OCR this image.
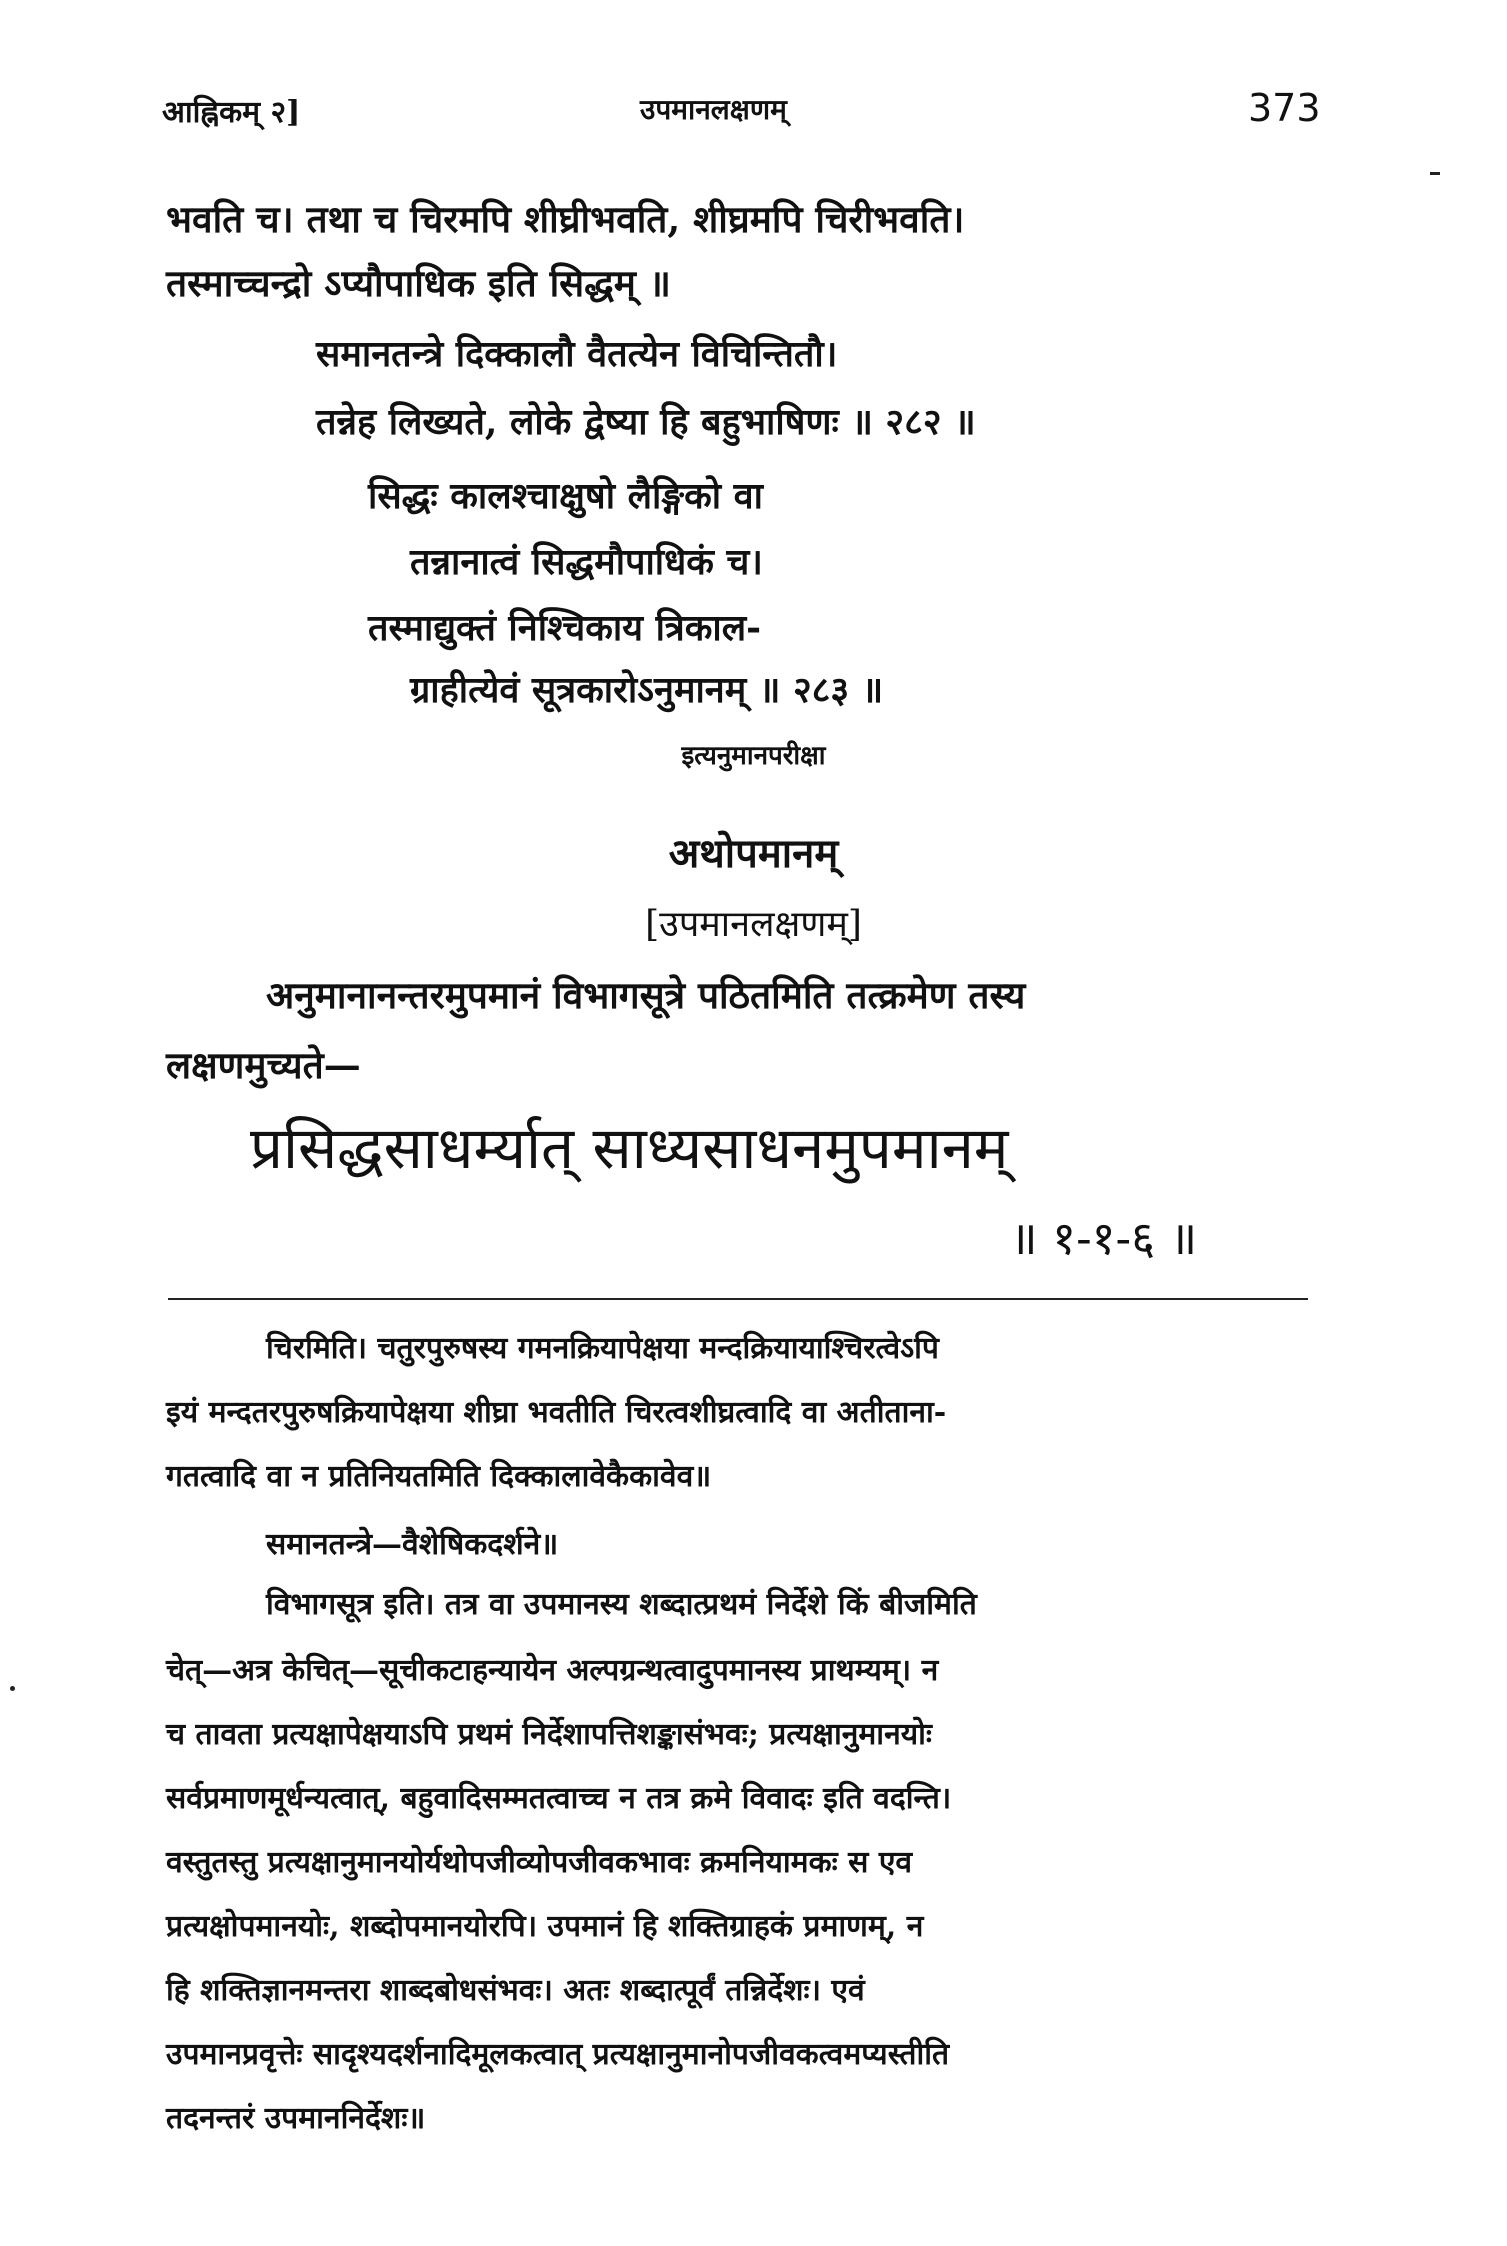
आह्निकम् २]	उपमानलक्षणम्	373
भवति च। तथा च चिरमपि शीघ्रीभवति, शीघ्रमपि चिरीभवति।
तस्माच्चन्द्रो ऽप्यौपाधिक इति सिद्धम् ॥
समानतन्त्रे दिक्कालौ वैतत्येन विचिन्तितौ।
तन्नेह लिख्यते, लोके द्वेष्या हि बहुभाषिणः ॥ २८२ ॥
सिद्धः कालश्चाक्षुषो लैङ्गिको वा
तन्नानात्वं सिद्धमौपाधिकं च।
तस्माद्युक्तं निश्चिकाय त्रिकाल-
ग्राहीत्येवं सूत्रकारोऽनुमानम् ॥ २८३ ॥
इत्यनुमानपरीक्षा
अथोपमानम्
[उपमानलक्षणम्]
अनुमानानन्तरमुपमानं विभागसूत्रे पठितमिति तत्क्रमेण तस्य
लक्षणमुच्यते—
प्रसिद्धसाधर्म्यात् साध्यसाधनमुपमानम्
॥ १-१-६ ॥
चिरमिति। चतुरपुरुषस्य गमनक्रियापेक्षया मन्दक्रियायाश्चिरत्वेऽपि
इयं मन्दतरपुरुषक्रियापेक्षया शीघ्रा भवतीति चिरत्वशीघ्रत्वादि वा अतीताना-
गतत्वादि वा न प्रतिनियतमिति दिक्कालावेकैकावेव॥
समानतन्त्रे—वैशेषिकदर्शने॥
विभागसूत्र इति। तत्र वा उपमानस्य शब्दात्प्रथमं निर्देशे किं बीजमिति
चेत्—अत्र केचित्—सूचीकटाहन्यायेन अल्पग्रन्थत्वादुपमानस्य प्राथम्यम्। न
च तावता प्रत्यक्षापेक्षयाऽपि प्रथमं निर्देशापत्तिशङ्कासंभवः; प्रत्यक्षानुमानयोः
सर्वप्रमाणमूर्धन्यत्वात्, बहुवादिसम्मतत्वाच्च न तत्र क्रमे विवादः इति वदन्ति।
वस्तुतस्तु प्रत्यक्षानुमानयोर्यथोपजीव्योपजीवकभावः क्रमनियामकः स एव
प्रत्यक्षोपमानयोः, शब्दोपमानयोरपि। उपमानं हि शक्तिग्राहकं प्रमाणम्, न
हि शक्तिज्ञानमन्तरा शाब्दबोधसंभवः। अतः शब्दात्पूर्वं तन्निर्देशः। एवं
उपमानप्रवृत्तेः सादृश्यदर्शनादिमूलकत्वात् प्रत्यक्षानुमानोपजीवकत्वमप्यस्तीति
तदनन्तरं उपमाननिर्देशः॥
